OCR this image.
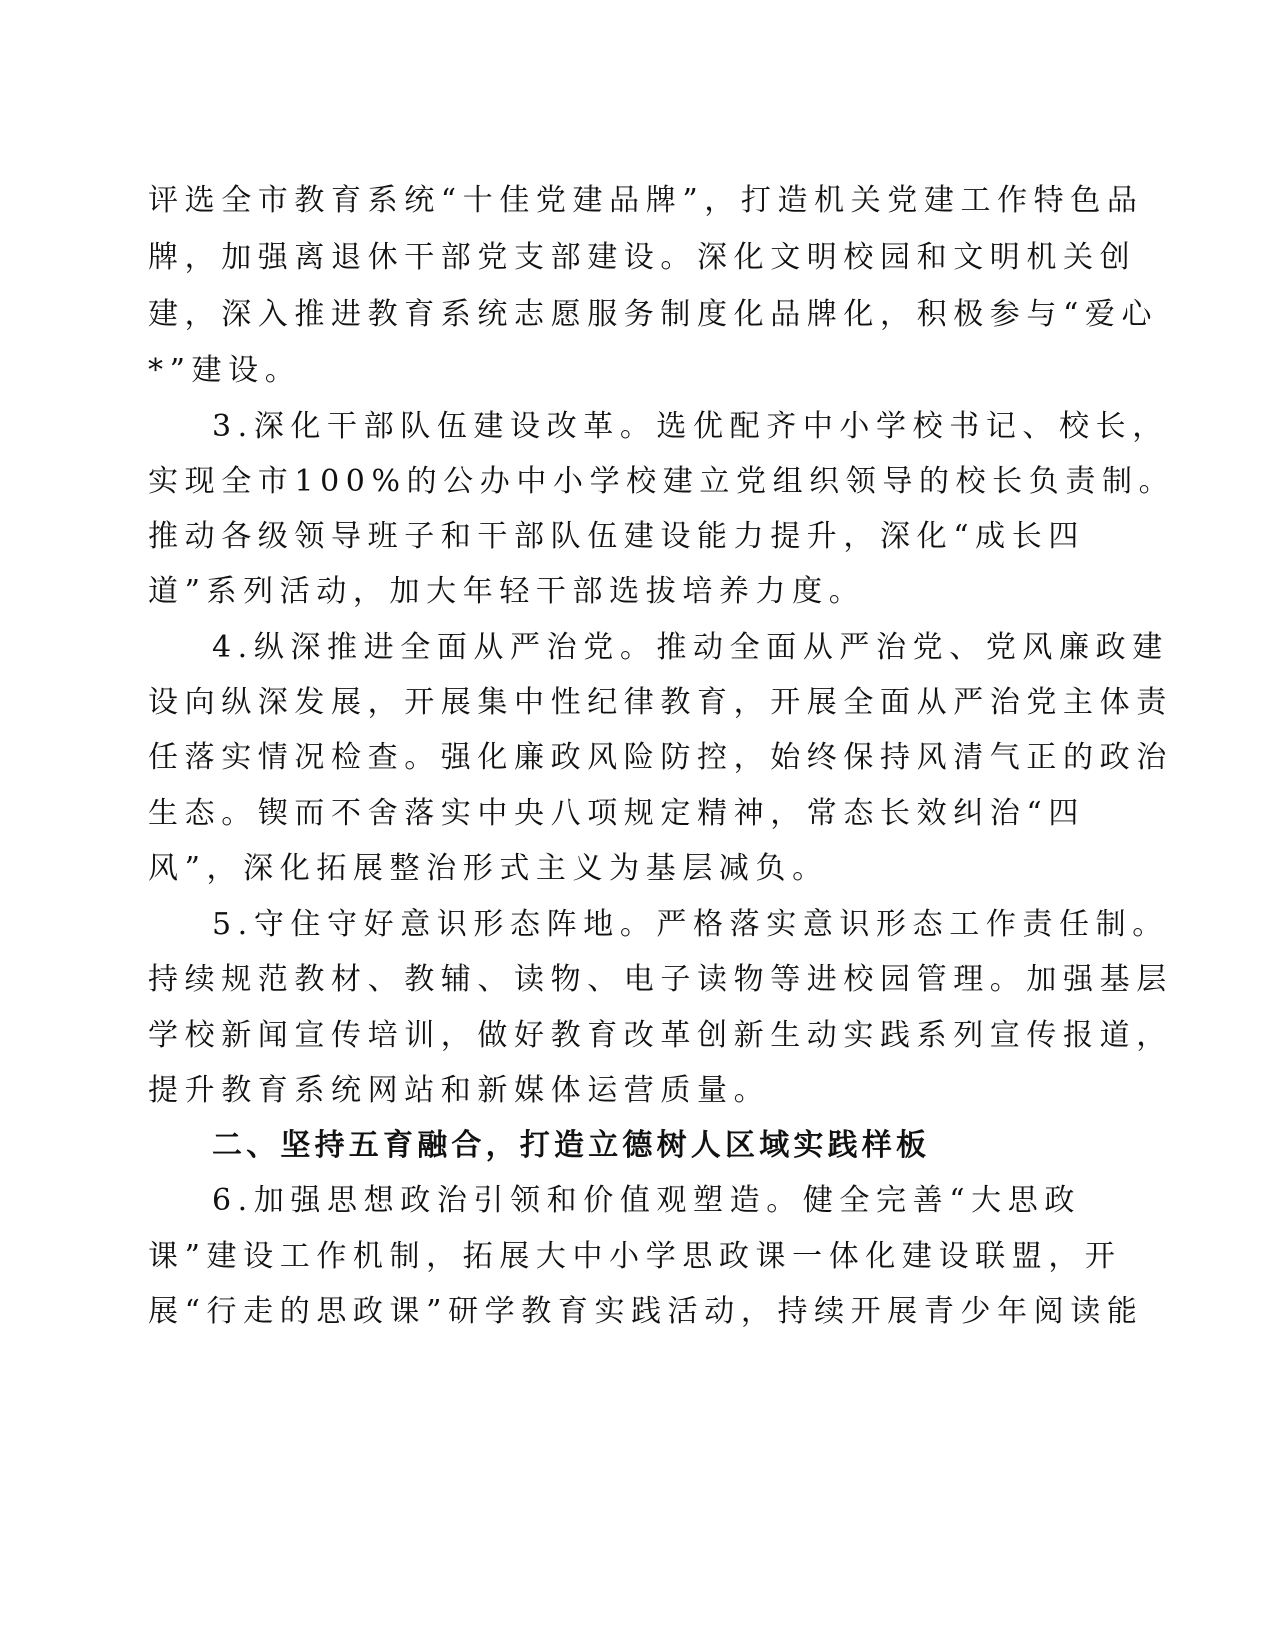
评选全市教育系统“十佳党建品牌”，打造机关党建工作特色品
牌，加强离退休干部党支部建设。深化文明校园和文明机关创
建，深入推进教育系统志愿服务制度化品牌化，积极参与“爱心
*”建设。
3.深化干部队伍建设改革。选优配齐中小学校书记、校长，
实现全市100%的公办中小学校建立党组织领导的校长负责制。
推动各级领导班子和干部队伍建设能力提升，深化“成长四
道”系列活动，加大年轻干部选拔培养力度。
4.纵深推进全面从严治党。推动全面从严治党、党风廉政建
设向纵深发展，开展集中性纪律教育，开展全面从严治党主体责
任落实情况检查。强化廉政风险防控，始终保持风清气正的政治
生态。锲而不舍落实中央八项规定精神，常态长效纠治“四
风”，深化拓展整治形式主义为基层减负。
5.守住守好意识形态阵地。严格落实意识形态工作责任制。
持续规范教材、教辅、读物、电子读物等进校园管理。加强基层
学校新闻宣传培训，做好教育改革创新生动实践系列宣传报道，
提升教育系统网站和新媒体运营质量。
二、坚持五育融合，打造立德树人区域实践样板
6.加强思想政治引领和价值观塑造。健全完善“大思政
课”建设工作机制，拓展大中小学思政课一体化建设联盟，开
展“行走的思政课”研学教育实践活动，持续开展青少年阅读能
